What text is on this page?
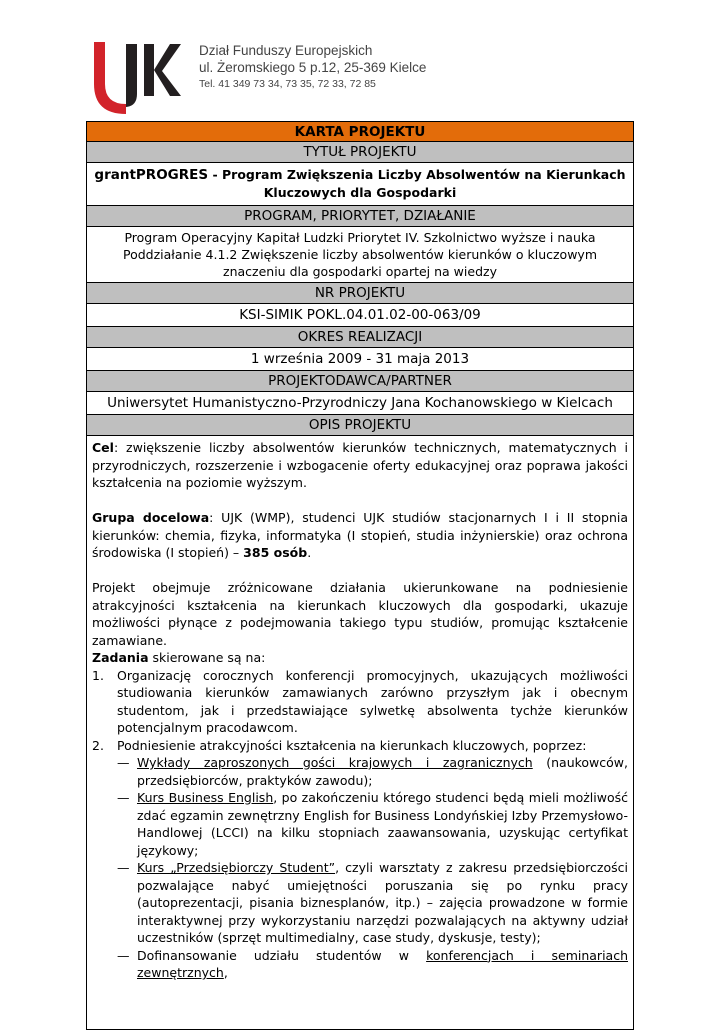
Dział Funduszy Europejskich
ul. Żeromskiego 5 p.12, 25-369 Kielce
Tel. 41 349 73 34, 73 35, 72 33, 72 85
KARTA PROJEKTU
TYTUŁ PROJEKTU
grantPROGRES - Program Zwiększenia Liczby Absolwentów na Kierunkach Kluczowych dla Gospodarki
PROGRAM, PRIORYTET, DZIAŁANIE

Program Operacyjny Kapitał Ludzki Priorytet IV. Szkolnictwo wyższe i nauka
Poddziałanie 4.1.2 Zwiększenie liczby absolwentów kierunków o kluczowym znaczeniu dla gospodarki opartej na wiedzy

NR PROJEKTU
KSI-SIMIK POKL.04.01.02-00-063/09
OKRES REALIZACJI
1 września 2009 - 31 maja 2013
PROJEKTODAWCA/PARTNER
Uniwersytet Humanistyczno-Przyrodniczy Jana Kochanowskiego w Kielcach
OPIS PROJEKTU

Cel: zwiększenie liczby absolwentów kierunków technicznych, matematycznych i przyrodniczych, rozszerzenie i wzbogacenie oferty edukacyjnej oraz poprawa jakości kształcenia na poziomie wyższym.

Grupa docelowa: UJK (WMP), studenci UJK studiów stacjonarnych I i II stopnia kierunków: chemia, fizyka, informatyka (I stopień, studia inżynierskie) oraz ochrona środowiska (I stopień) – 385 osób.

Projekt obejmuje zróżnicowane działania ukierunkowane na podniesienie atrakcyjności kształcenia na kierunkach kluczowych dla gospodarki, ukazuje możliwości płynące z podejmowania takiego typu studiów, promując kształcenie zamawiane.

Zadania skierowane są na:

1. Organizację corocznych konferencji promocyjnych, ukazujących możliwości studiowania kierunków zamawianych zarówno przyszłym jak i obecnym studentom, jak i przedstawiające sylwetkę absolwenta tychże kierunków potencjalnym pracodawcom.
2. Podniesienie atrakcyjności kształcenia na kierunkach kluczowych, poprzez:
— Wykłady zaproszonych gości krajowych i zagranicznych (naukowców, przedsiębiorców, praktyków zawodu);
— Kurs Business English, po zakończeniu którego studenci będą mieli możliwość zdać egzamin zewnętrzny English for Business Londyńskiej Izby Przemysłowo-Handlowej (LCCI) na kilku stopniach zaawansowania, uzyskując certyfikat językowy;
— Kurs „Przedsiębiorczy Student”, czyli warsztaty z zakresu przedsiębiorczości pozwalające nabyć umiejętności poruszania się po rynku pracy (autoprezentacji, pisania biznesplanów, itp.) – zajęcia prowadzone w formie interaktywnej przy wykorzystaniu narzędzi pozwalających na aktywny udział uczestników (sprzęt multimedialny, case study, dyskusje, testy);
— Dofinansowanie udziału studentów w konferencjach i seminariach zewnętrznych,
